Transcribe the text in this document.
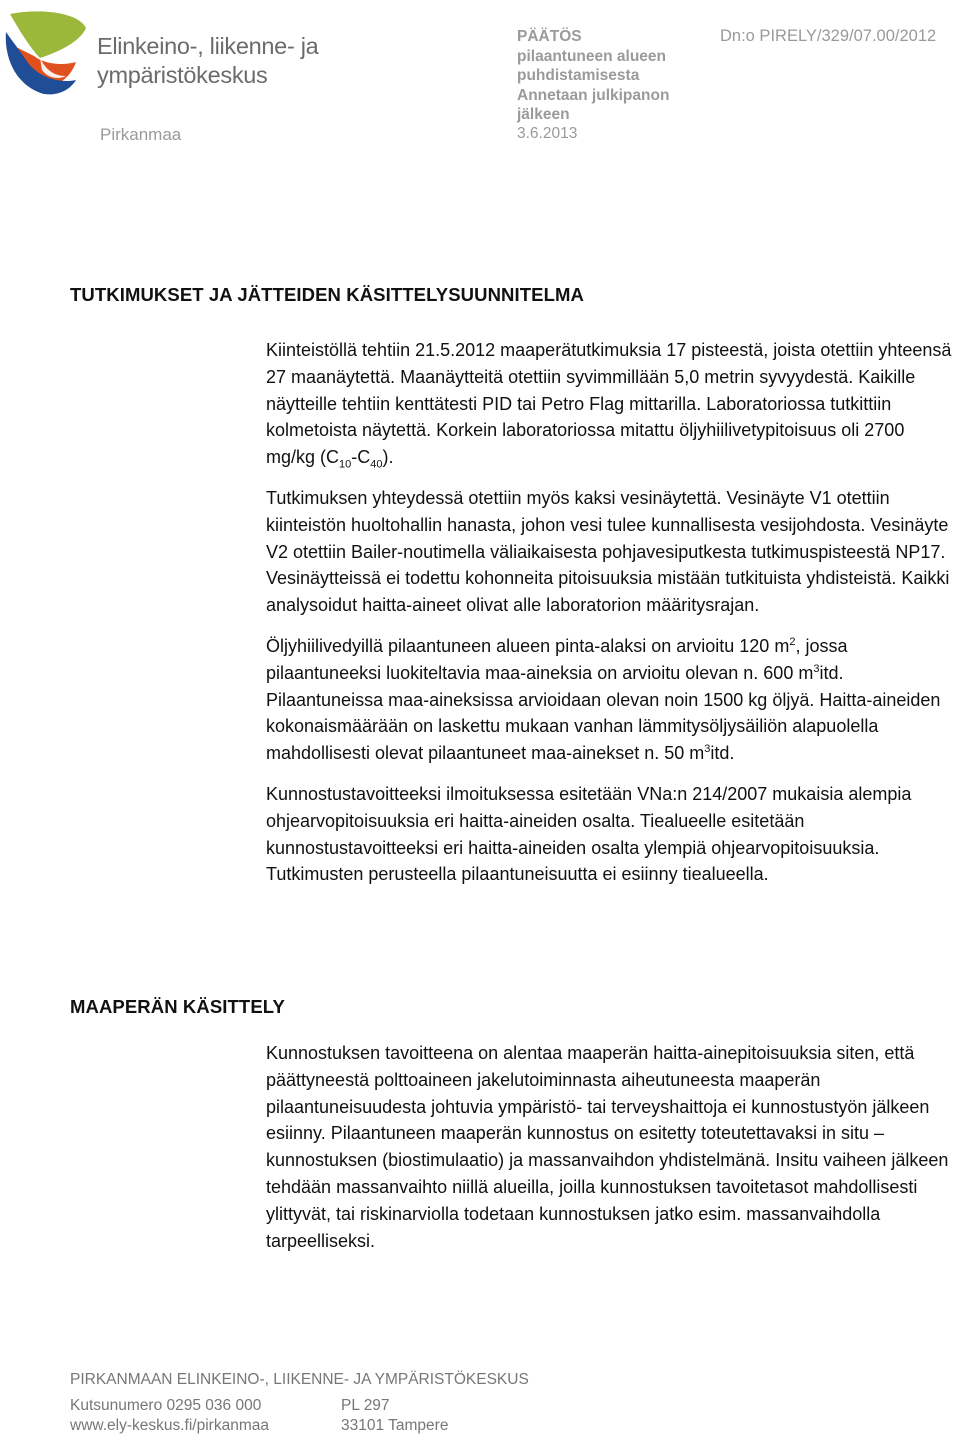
Elinkeino-, liikenne- ja
ympäristökeskus
Pirkanmaa
PÄÄTÖS
pilaantuneen alueen puhdistamisesta
Annetaan julkipanon jälkeen
3.6.2013
Dn:o PIRELY/329/07.00/2012
TUTKIMUKSET JA JÄTTEIDEN KÄSITTELYSUUNNITELMA

Kiinteistöllä tehtiin 21.5.2012 maaperätutkimuksia 17 pisteestä, joista otettiin yhteensä 27 maanäytettä. Maanäytteitä otettiin syvimmillään 5,0 metrin syvyydestä. Kaikille näytteille tehtiin kenttätesti PID tai Petro Flag mittarilla. Laboratoriossa tutkittiin kolmetoista näytettä. Korkein laboratoriossa mitattu öljyhiilivetypitoisuus oli 2700 mg/kg $(C_{10}-C_{40})$.

Tutkimuksen yhteydessä otettiin myös kaksi vesinäytettä. Vesinäyte V1 otettiin kiinteistön huoltohallin hanasta, johon vesi tulee kunnallisesta vesijohdosta. Vesinäyte V2 otettiin Bailer-noutimella väliaikaisesta pohjavesiputkesta tutkimuspisteestä NP17. Vesinäytteissä ei todettu kohonneita pitoisuuksia mistään tutkituista yhdisteistä. Kaikki analysoidut haitta-aineet olivat alle laboratorion määritysrajan.

Öljyhiilivedyillä pilaantuneen alueen pinta-alaksi on arvioitu 120 $m^2$, jossa pilaantuneeksi luokiteltavia maa-aineksia on arvioitu olevan n. 600 $m^3itd$. Pilaantuneissa maa-aineksissa arvioidaan olevan noin 1500 kg öljyä. Haitta-aineiden kokonaismäärään on laskettu mukaan vanhan lämmitysöljysäiliön alapuolella mahdollisesti olevat pilaantuneet maa-ainekset n. 50 $m^3itd$.

Kunnostustavoitteeksi ilmoituksessa esitetään VNa:n 214/2007 mukaisia alempia ohjearvopitoisuuksia eri haitta-aineiden osalta. Tiealueelle esitetään kunnostustavoitteeksi eri haitta-aineiden osalta ylempiä ohjearvopitoisuuksia. Tutkimusten perusteella pilaantuneisuutta ei esiinny tiealueella.

MAAPERÄN KÄSITTELY

Kunnostuksen tavoitteena on alentaa maaperän haitta-ainepitoisuuksia siten, että päättyneestä polttoaineen jakelutoiminnasta aiheutuneesta maaperän pilaantuneisuudesta johtuvia ympäristö- tai terveyshaittoja ei kunnostustyön jälkeen esiinny. Pilaantuneen maaperän kunnostus on esitetty toteutettavaksi in situ – kunnostuksen (biostimulaatio) ja massanvaihdon yhdistelmänä. Insitu vaiheen jälkeen tehdään massanvaihto niillä alueilla, joilla kunnostuksen tavoitetasot mahdollisesti ylittyvät, tai riskinarviolla todetaan kunnostuksen jatko esim. massanvaihdolla tarpeelliseksi.

PIRKANMAAN ELINKEINO-, LIIKENNE- JA YMPÄRISTÖKESKUS
Kutsunumero 0295 036 000
www.ely-keskus.fi/pirkanmaa
PL 297
33101 Tampere
